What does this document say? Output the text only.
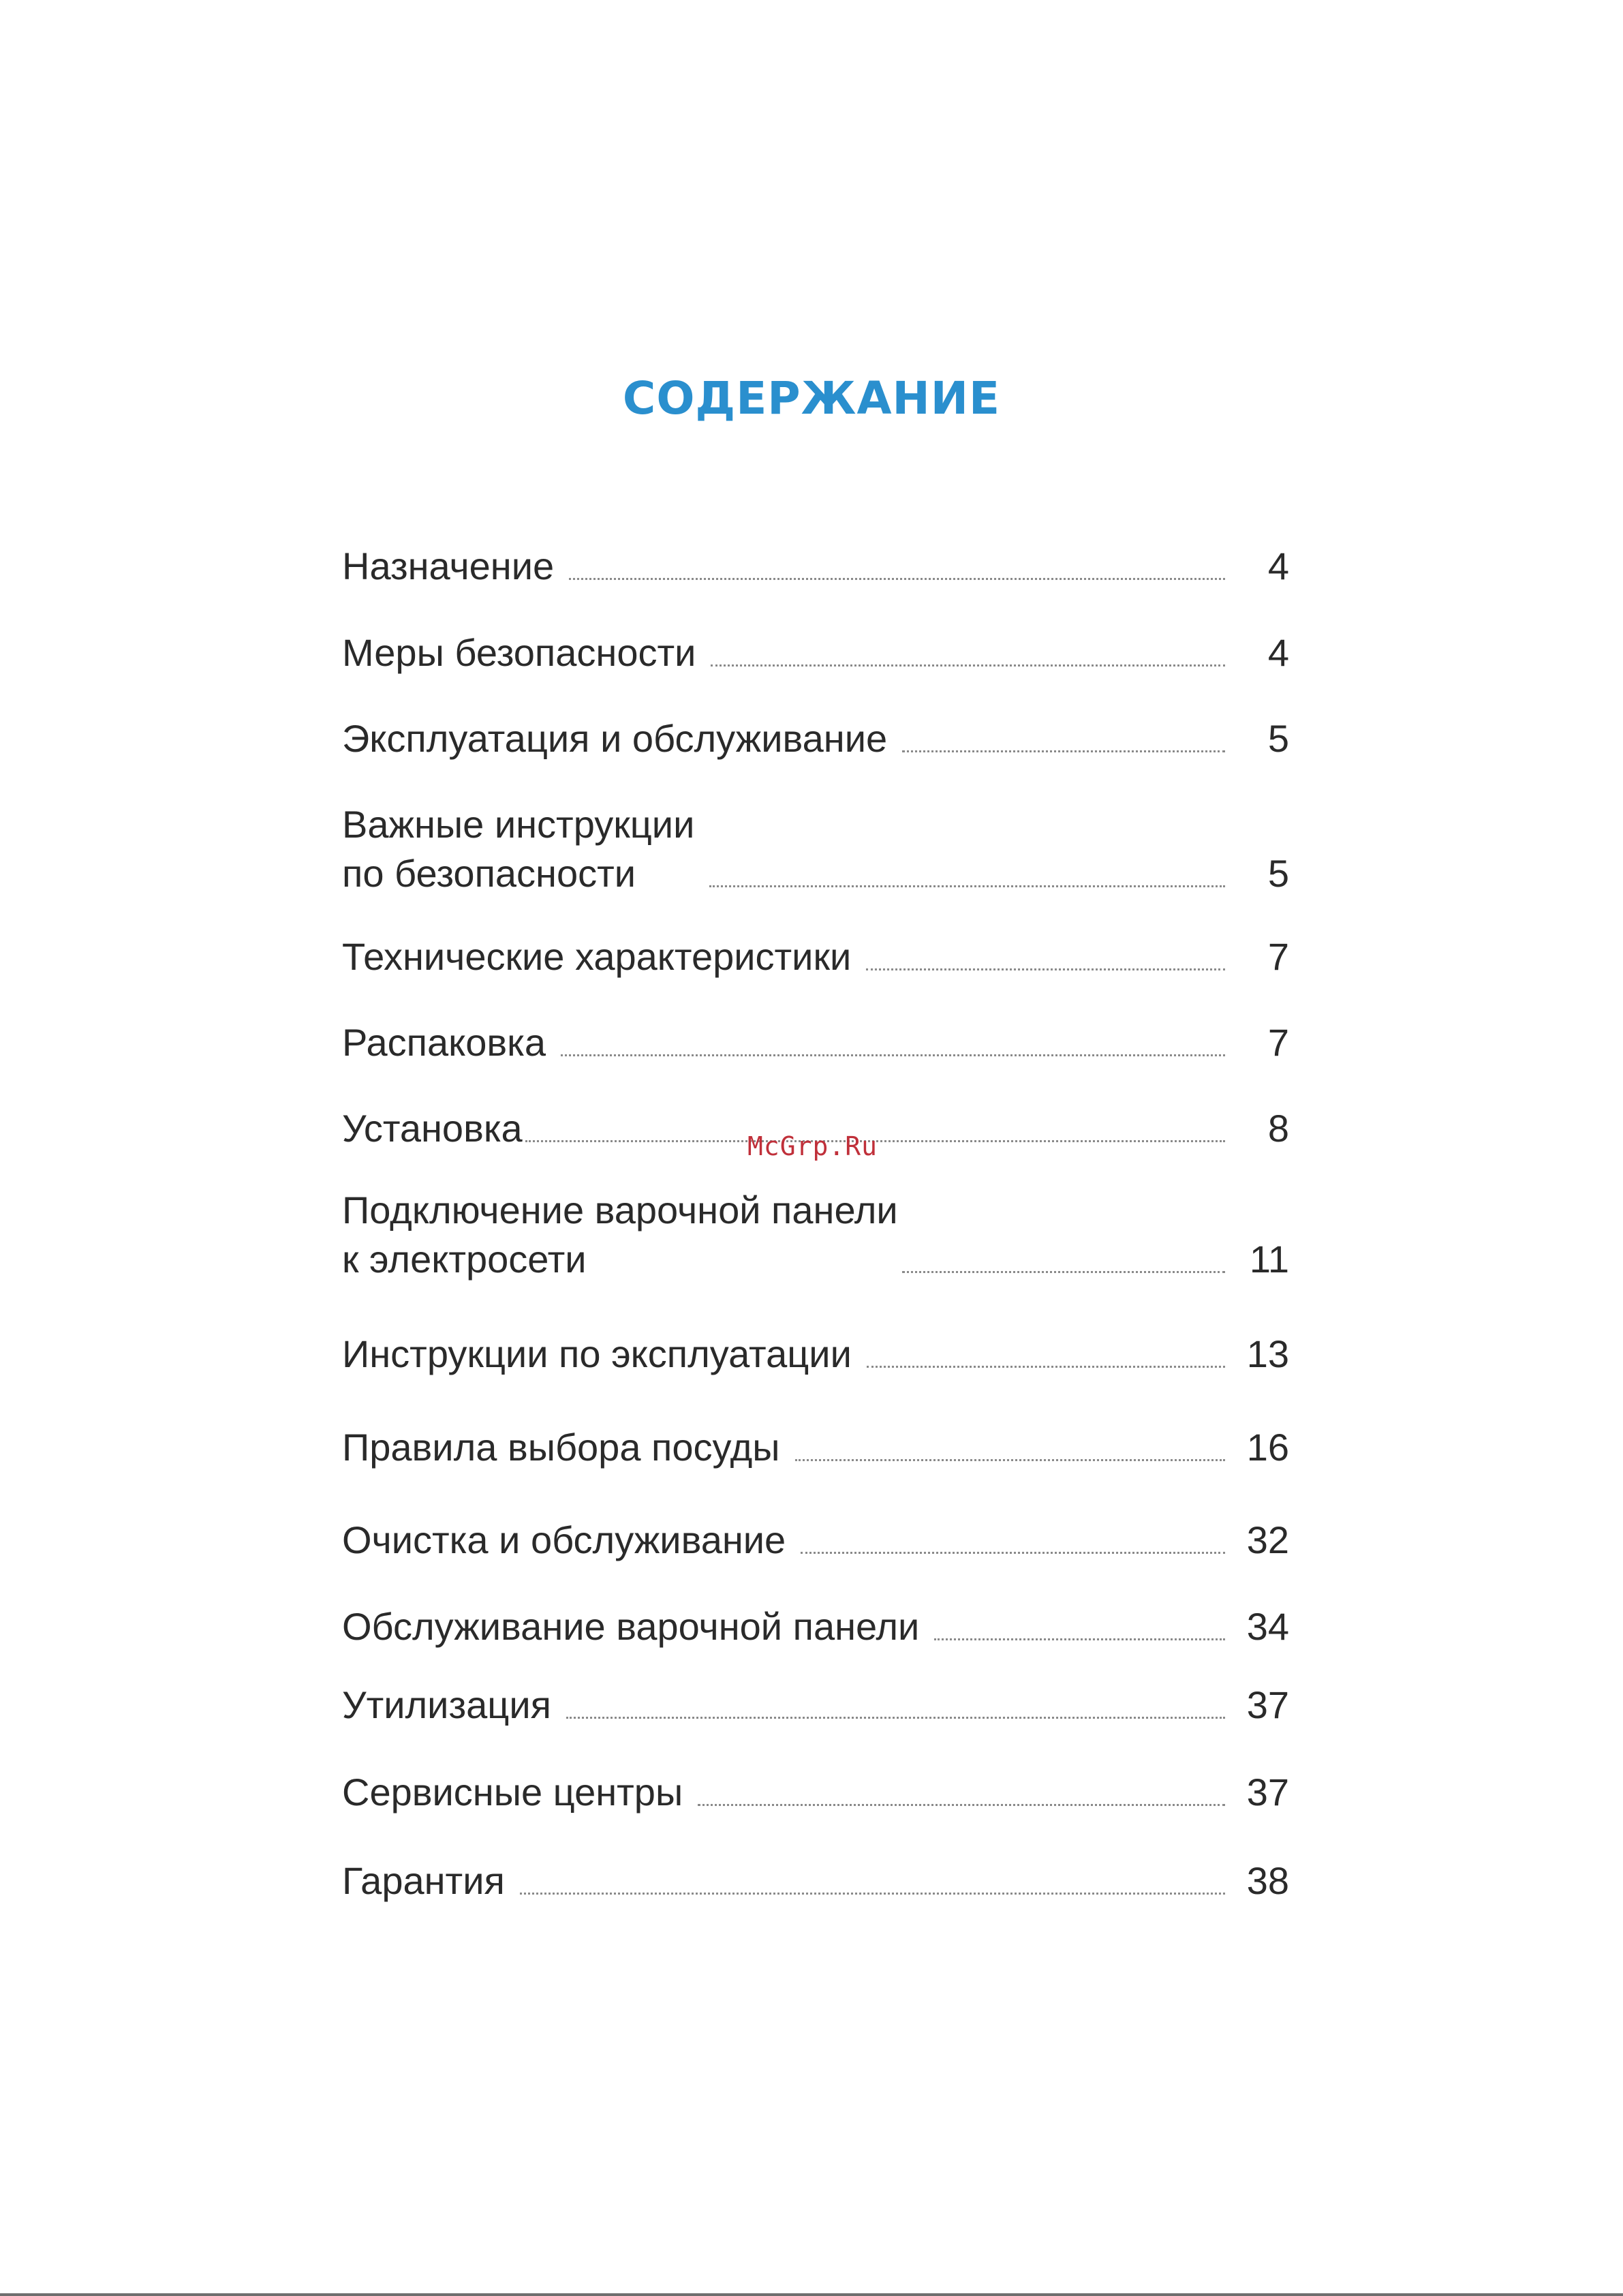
СОДЕРЖАНИЕ
Назначение	4
Меры безопасности	4
Эксплуатация и обслуживание	5
Важные инструкции
по безопасности	5
Технические характеристики	7
Распаковка	7
Установка	8
Подключение варочной панели
к электросети	11
Инструкции по эксплуатации	13
Правила выбора посуды	16
Очистка и обслуживание	32
Обслуживание варочной панели	34
Утилизация	37
Сервисные центры	37
Гарантия	38
McGrp.Ru
